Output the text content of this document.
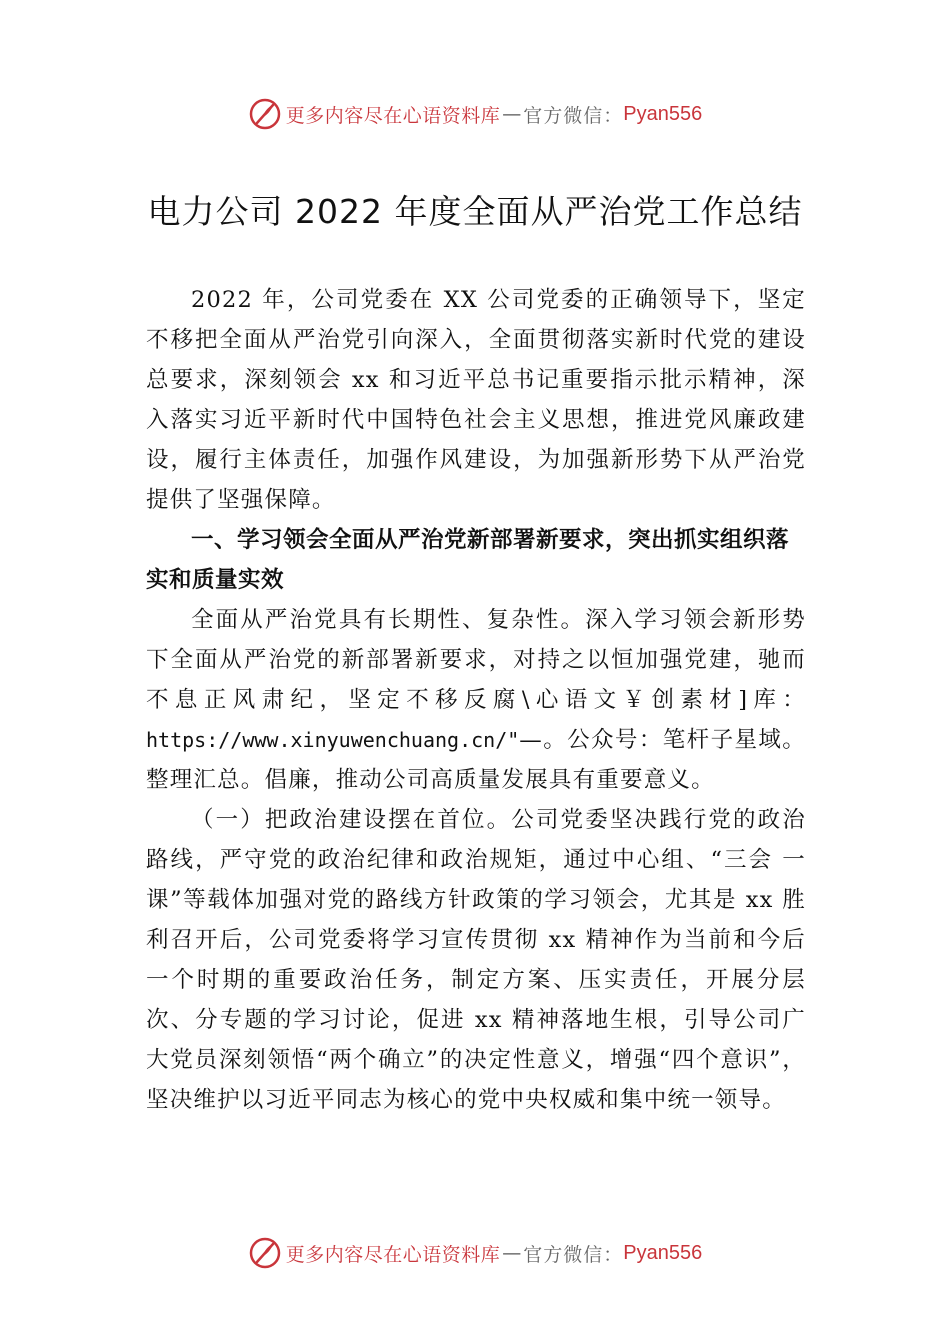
更多内容尽在心语资料库 — 官方微信： Pyan556
电力公司 2022 年度全面从严治党工作总结

2022 年，公司党委在 XX 公司党委的正确领导下，坚定不移把全面从严治党引向深入，全面贯彻落实新时代党的建设总要求，深刻领会 xx 和习近平总书记重要指示批示精神，深入落实习近平新时代中国特色社会主义思想，推进党风廉政建设，履行主体责任，加强作风建设，为加强新形势下从严治党提供了坚强保障。

一、学习领会全面从严治党新部署新要求，突出抓实组织落实和质量实效

全面从严治党具有长期性、复杂性。深入学习领会新形势下全面从严治党的新部署新要求，对持之以恒加强党建，驰而不息正风肃纪，坚定不移反腐\心语文￥创素材]库：https://www.xinyuwenchuang.cn/"—。公众号：笔杆子星域。整理汇总。倡廉，推动公司高质量发展具有重要意义。

（一）把政治建设摆在首位。公司党委坚决践行党的政治路线，严守党的政治纪律和政治规矩，通过中心组、“三会 一课”等载体加强对党的路线方针政策的学习领会，尤其是 xx 胜利召开后，公司党委将学习宣传贯彻 xx 精神作为当前和今后一个时期的重要政治任务，制定方案、压实责任，开展分层次、分专题的学习讨论，促进 xx 精神落地生根，引导公司广大党员深刻领悟“两个确立”的决定性意义，增强“四个意识”，坚决维护以习近平同志为核心的党中央权威和集中统一领导。

更多内容尽在心语资料库 — 官方微信： Pyan556
